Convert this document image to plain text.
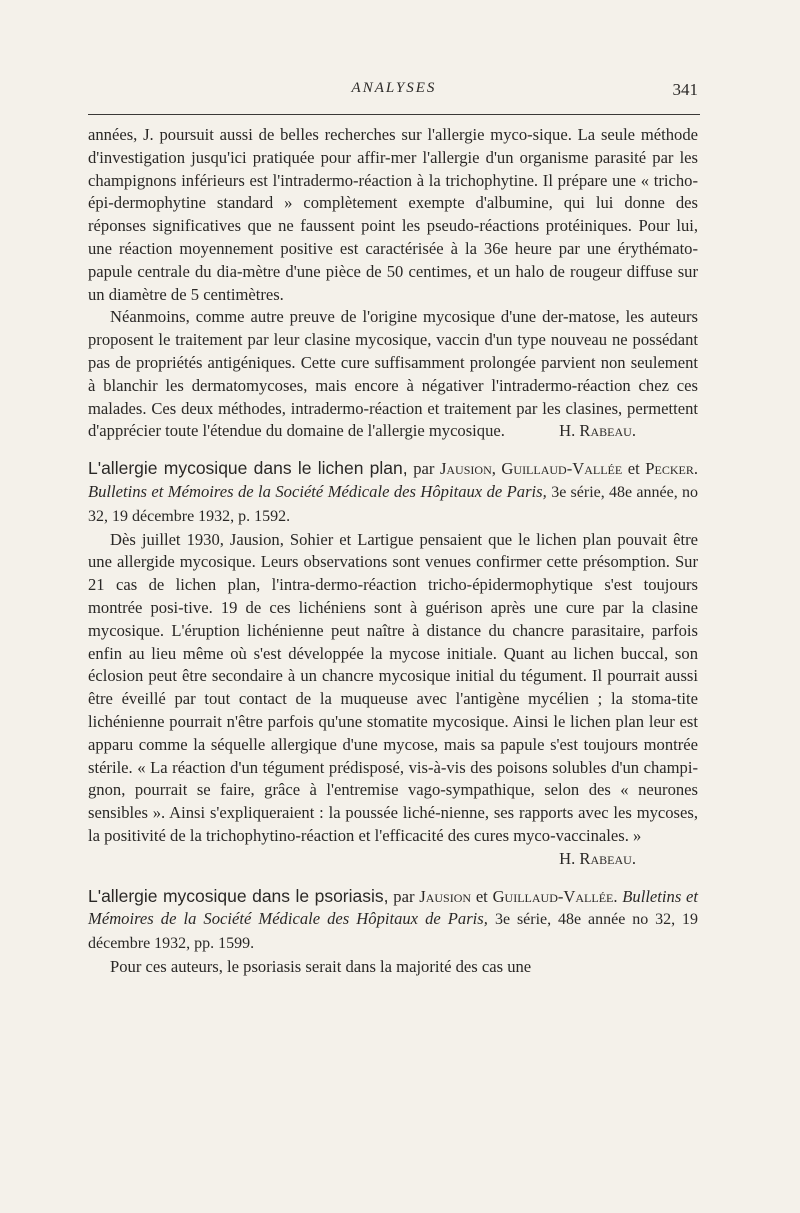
ANALYSES	341

années, J. poursuit aussi de belles recherches sur l'allergie myco-sique. La seule méthode d'investigation jusqu'ici pratiquée pour affir-mer l'allergie d'un organisme parasité par les champignons inférieurs est l'intradermo-réaction à la trichophytine. Il prépare une « tricho-épi-dermophytine standard » complètement exempte d'albumine, qui lui donne des réponses significatives que ne faussent point les pseudo-réactions protéiniques. Pour lui, une réaction moyennement positive est caractérisée à la 36e heure par une érythémato-papule centrale du dia-mètre d'une pièce de 50 centimes, et un halo de rougeur diffuse sur un diamètre de 5 centimètres.

Néanmoins, comme autre preuve de l'origine mycosique d'une der-matose, les auteurs proposent le traitement par leur clasine mycosique, vaccin d'un type nouveau ne possédant pas de propriétés antigéniques. Cette cure suffisamment prolongée parvient non seulement à blanchir les dermatomycoses, mais encore à négativer l'intradermo-réaction chez ces malades. Ces deux méthodes, intradermo-réaction et traitement par les clasines, permettent d'apprécier toute l'étendue du domaine de l'allergie mycosique.	H. Rabeau.

L'allergie mycosique dans le lichen plan, par Jausion, Guillaud-Vallée et Pecker. Bulletins et Mémoires de la Société Médicale des Hôpitaux de Paris, 3e série, 48e année, no 32, 19 décembre 1932, p. 1592.

Dès juillet 1930, Jausion, Sohier et Lartigue pensaient que le lichen plan pouvait être une allergide mycosique. Leurs observations sont venues confirmer cette présomption. Sur 21 cas de lichen plan, l'intra-dermo-réaction tricho-épidermophytique s'est toujours montrée posi-tive. 19 de ces lichéniens sont à guérison après une cure par la clasine mycosique. L'éruption lichénienne peut naître à distance du chancre parasitaire, parfois enfin au lieu même où s'est développée la mycose initiale. Quant au lichen buccal, son éclosion peut être secondaire à un chancre mycosique initial du tégument. Il pourrait aussi être éveillé par tout contact de la muqueuse avec l'antigène mycélien ; la stoma-tite lichénienne pourrait n'être parfois qu'une stomatite mycosique. Ainsi le lichen plan leur est apparu comme la séquelle allergique d'une mycose, mais sa papule s'est toujours montrée stérile. « La réaction d'un tégument prédisposé, vis-à-vis des poisons solubles d'un champi-gnon, pourrait se faire, grâce à l'entremise vago-sympathique, selon des « neurones sensibles ». Ainsi s'expliqueraient : la poussée liché-nienne, ses rapports avec les mycoses, la positivité de la trichophytino-réaction et l'efficacité des cures myco-vaccinales. »

H. Rabeau.

L'allergie mycosique dans le psoriasis, par Jausion et Guillaud-Vallée. Bulletins et Mémoires de la Société Médicale des Hôpitaux de Paris, 3e série, 48e année no 32, 19 décembre 1932, pp. 1599.

Pour ces auteurs, le psoriasis serait dans la majorité des cas une
